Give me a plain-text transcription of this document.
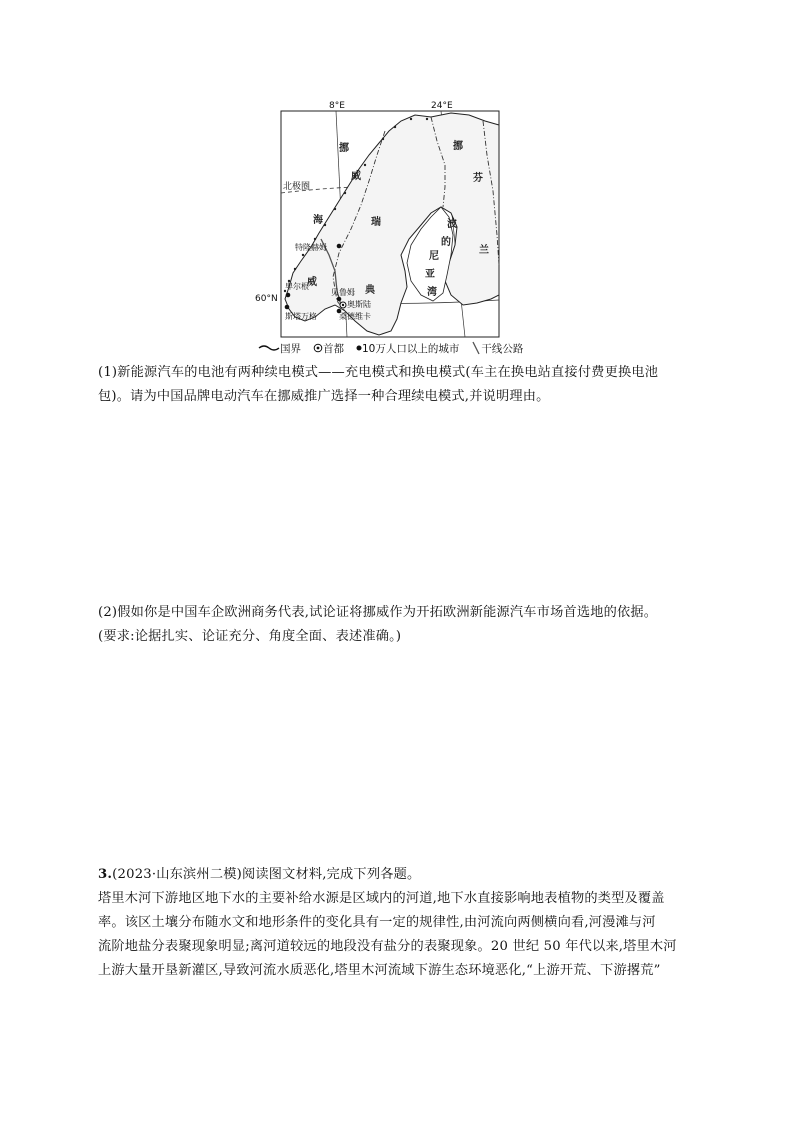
8°E	24°E
北极圈
60°N
挪
威
海
威
瑞
典
芬
兰
挪
波
的
尼
亚
湾
特隆赫姆
卑尔根
斯塔万格
贝鲁姆
奥斯陆
桑德维卡
国界 首都 10万人口以上的城市 干线公路
(1)新能源汽车的电池有两种续电模式——充电模式和换电模式(车主在换电站直接付费更换电池
包)。请为中国品牌电动汽车在挪威推广选择一种合理续电模式,并说明理由。
(2)假如你是中国车企欧洲商务代表,试论证将挪威作为开拓欧洲新能源汽车市场首选地的依据。
(要求:论据扎实、论证充分、角度全面、表述准确。)
3.(2023·山东滨州二模)阅读图文材料,完成下列各题。
塔里木河下游地区地下水的主要补给水源是区域内的河道,地下水直接影响地表植物的类型及覆盖
率。该区土壤分布随水文和地形条件的变化具有一定的规律性,由河流向两侧横向看,河漫滩与河
流阶地盐分表聚现象明显;离河道较远的地段没有盐分的表聚现象。20 世纪 50 年代以来,塔里木河
上游大量开垦新灌区,导致河流水质恶化,塔里木河流域下游生态环境恶化,“上游开荒、下游撂荒”
